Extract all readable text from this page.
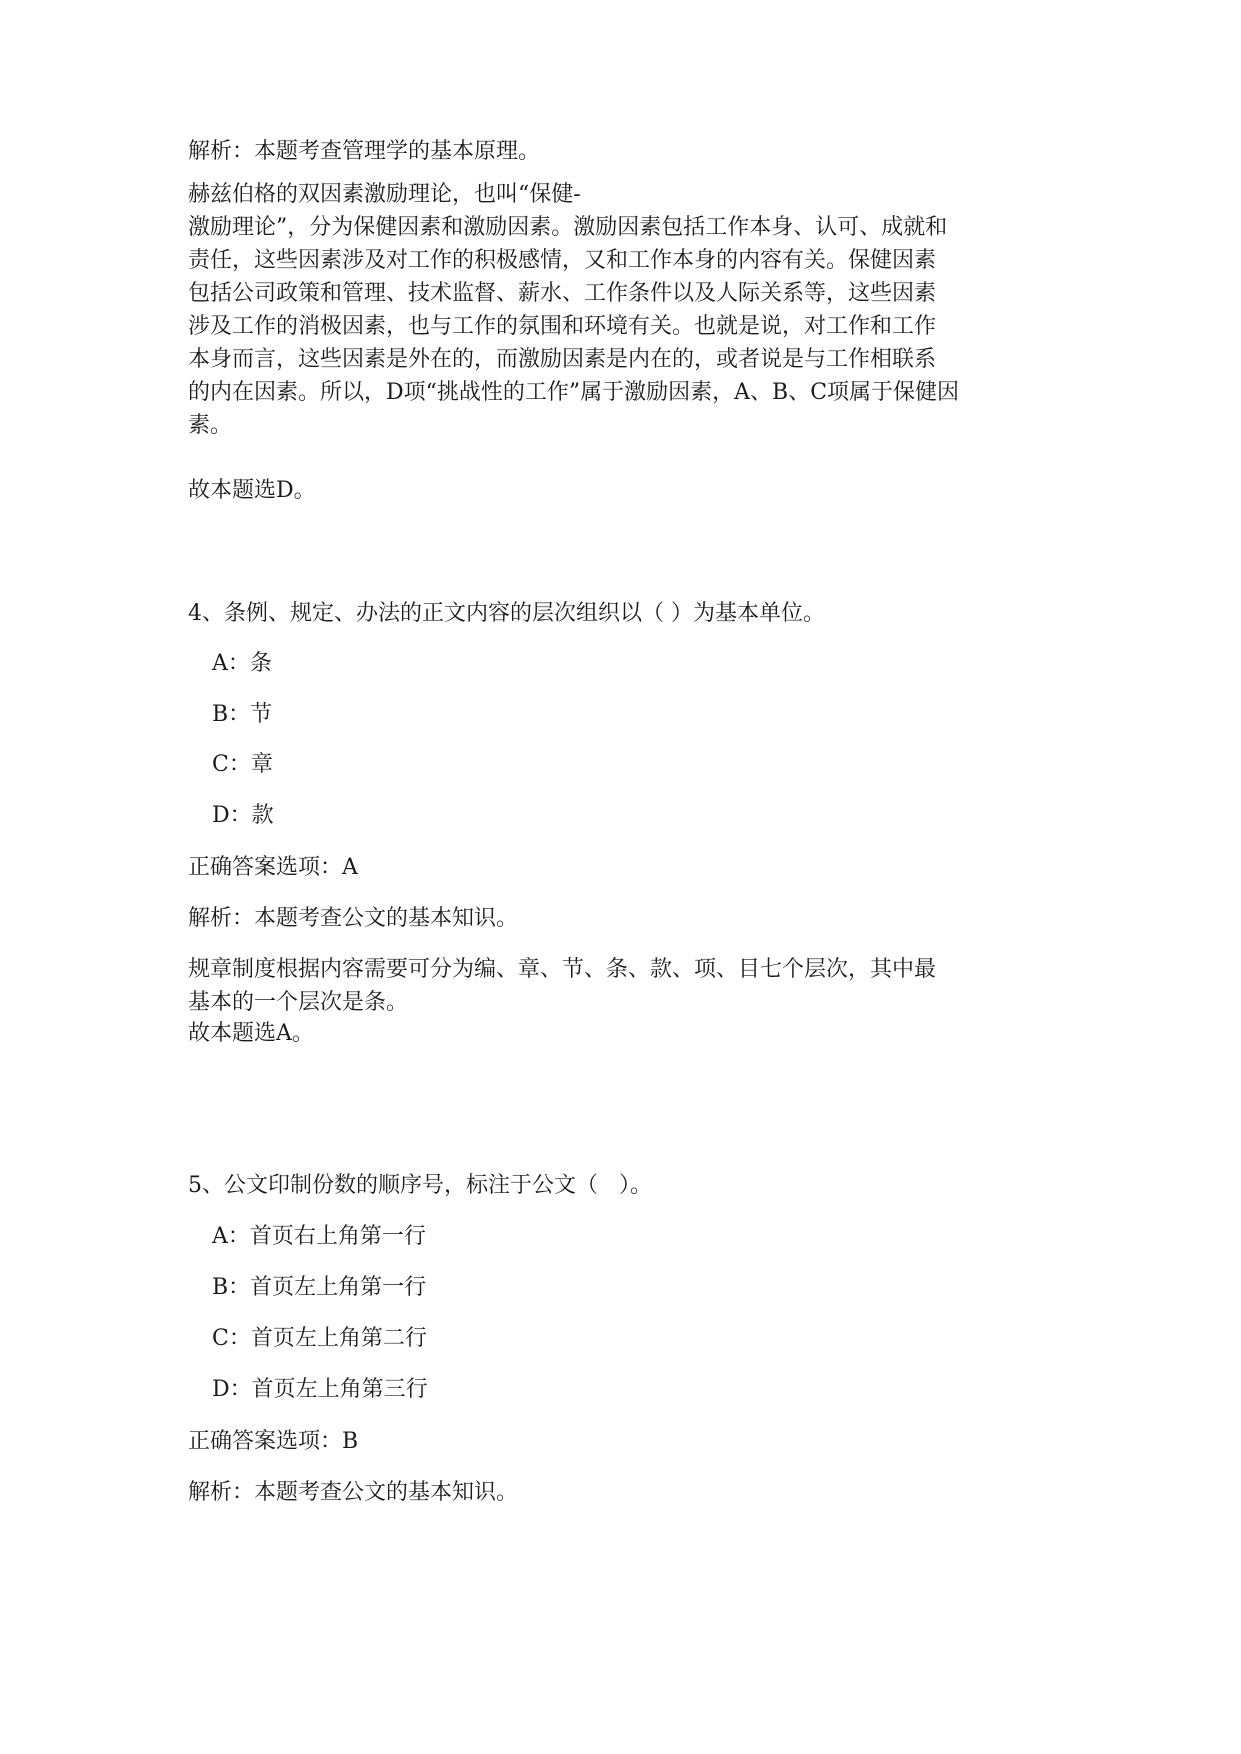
解析：本题考查管理学的基本原理。

赫兹伯格的双因素激励理论，也叫“保健-
激励理论”，分为保健因素和激励因素。激励因素包括工作本身、认可、成就和
责任，这些因素涉及对工作的积极感情，又和工作本身的内容有关。保健因素
包括公司政策和管理、技术监督、薪水、工作条件以及人际关系等，这些因素
涉及工作的消极因素，也与工作的氛围和环境有关。也就是说，对工作和工作
本身而言，这些因素是外在的，而激励因素是内在的，或者说是与工作相联系
的内在因素。所以，D项“挑战性的工作”属于激励因素，A、B、C项属于保健因
素。

故本题选D。

4、条例、规定、办法的正文内容的层次组织以（ ）为基本单位。

A：条

B：节

C：章

D：款

正确答案选项：A

解析：本题考查公文的基本知识。

规章制度根据内容需要可分为编、章、节、条、款、项、目七个层次，其中最
基本的一个层次是条。

故本题选A。

5、公文印制份数的顺序号，标注于公文（   ）。

A：首页右上角第一行

B：首页左上角第一行

C：首页左上角第二行

D：首页左上角第三行

正确答案选项：B

解析：本题考查公文的基本知识。
